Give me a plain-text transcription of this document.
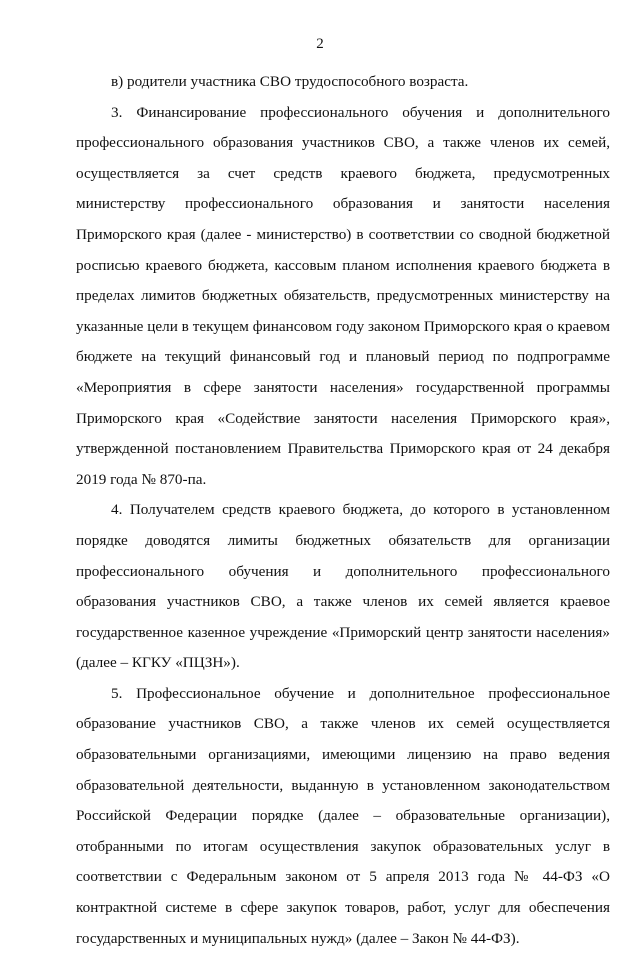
2

в) родители участника СВО трудоспособного возраста.

3. Финансирование профессионального обучения и дополнительного профессионального образования участников СВО, а также членов их семей, осуществляется за счет средств краевого бюджета, предусмотренных министерству профессионального образования и занятости населения Приморского края (далее - министерство) в соответствии со сводной бюджетной росписью краевого бюджета, кассовым планом исполнения краевого бюджета в пределах лимитов бюджетных обязательств, предусмотренных министерству на указанные цели в текущем финансовом году законом Приморского края о краевом бюджете на текущий финансовый год и плановый период по подпрограмме «Мероприятия в сфере занятости населения» государственной программы Приморского края «Содействие занятости населения Приморского края», утвержденной постановлением Правительства Приморского края от 24 декабря 2019 года № 870-па.

4. Получателем средств краевого бюджета, до которого в установленном порядке доводятся лимиты бюджетных обязательств для организации профессионального обучения и дополнительного профессионального образования участников СВО, а также членов их семей является краевое государственное казенное учреждение «Приморский центр занятости населения» (далее – КГКУ «ПЦЗН»).

5. Профессиональное обучение и дополнительное профессиональное образование участников СВО, а также членов их семей осуществляется образовательными организациями, имеющими лицензию на право ведения образовательной деятельности, выданную в установленном законодательством Российской Федерации порядке (далее – образовательные организации), отобранными по итогам осуществления закупок образовательных услуг в соответствии с Федеральным законом от 5 апреля 2013 года № 44-ФЗ «О контрактной системе в сфере закупок товаров, работ, услуг для обеспечения государственных и муниципальных нужд» (далее – Закон № 44-ФЗ).
